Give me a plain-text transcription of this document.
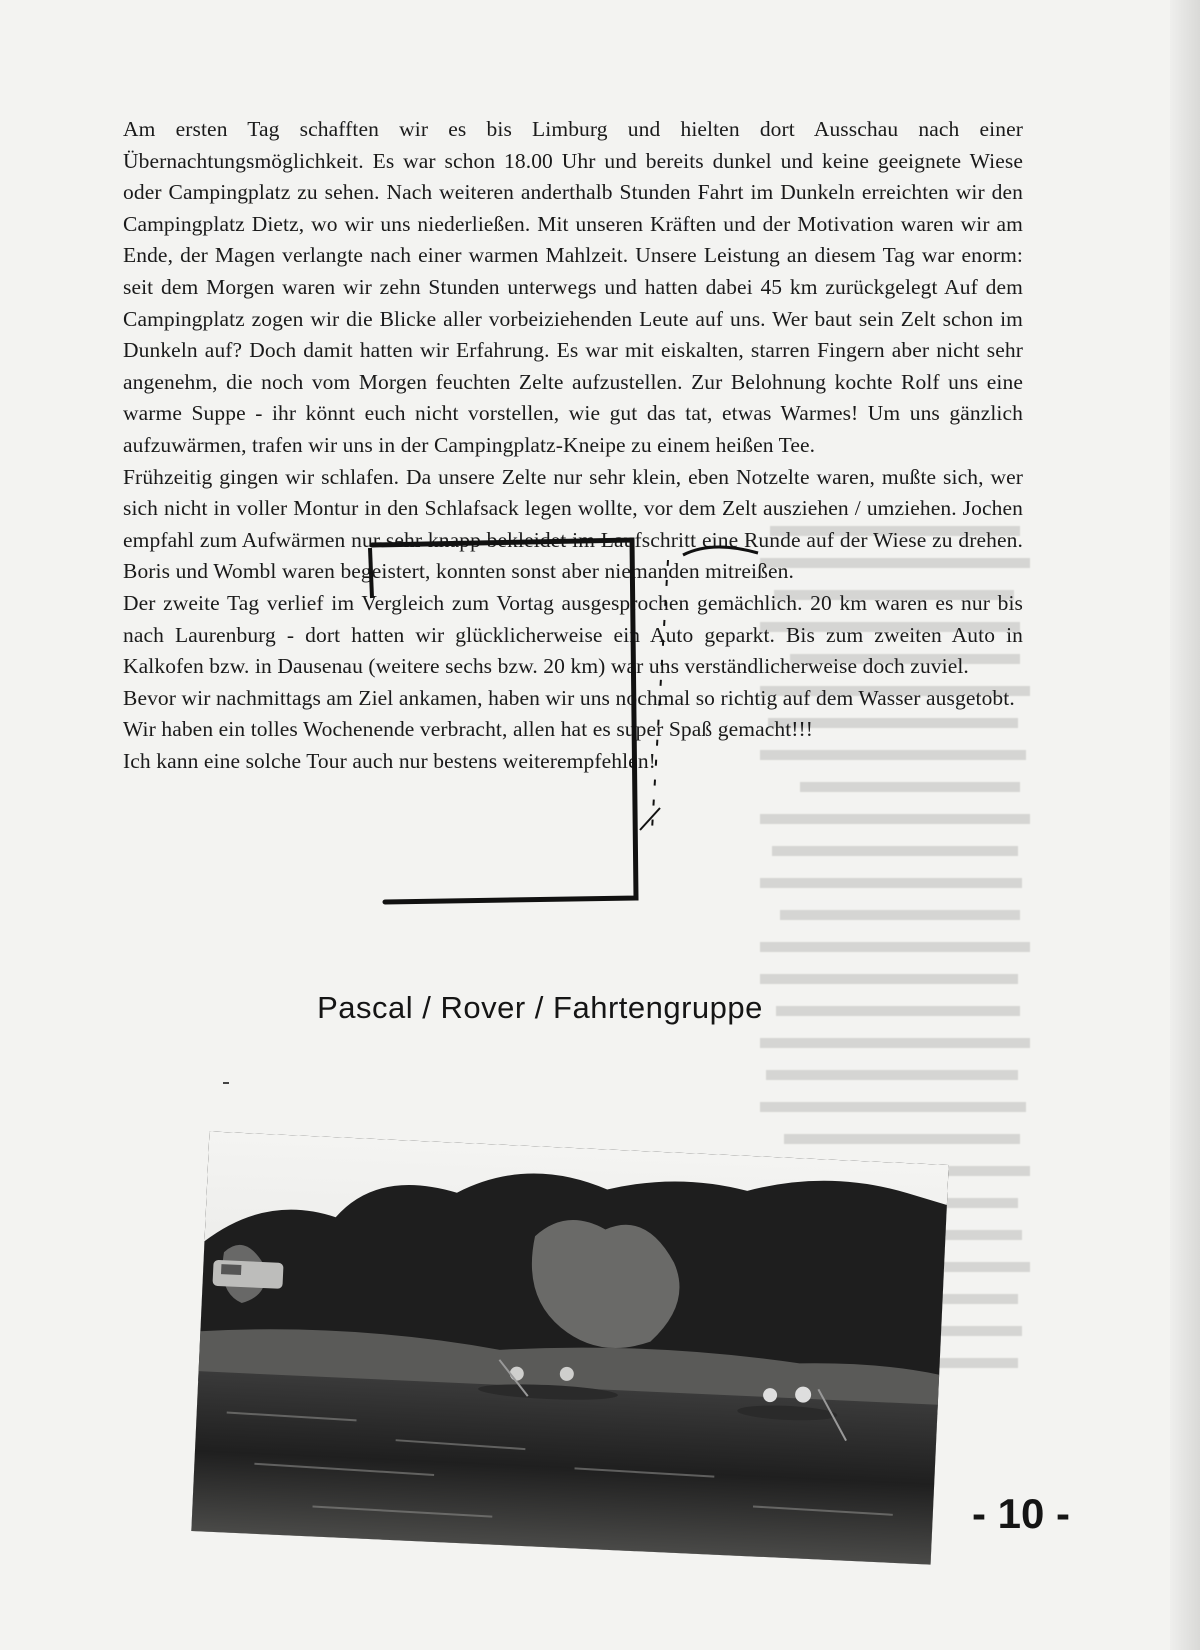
Am ersten Tag schafften wir es bis Limburg und hielten dort Ausschau nach einer Übernachtungsmöglichkeit. Es war schon 18.00 Uhr und bereits dunkel und keine geeignete Wiese oder Campingplatz zu sehen. Nach weiteren anderthalb Stunden Fahrt im Dunkeln erreichten wir den Campingplatz Dietz, wo wir uns niederließen. Mit unseren Kräften und der Motivation waren wir am Ende, der Magen verlangte nach einer warmen Mahlzeit. Unsere Leistung an diesem Tag war enorm: seit dem Morgen waren wir zehn Stunden unterwegs und hatten dabei 45 km zurückgelegt Auf dem Campingplatz zogen wir die Blicke aller vorbeiziehenden Leute auf uns. Wer baut sein Zelt schon im Dunkeln auf? Doch damit hatten wir Erfahrung. Es war mit eiskalten, starren Fingern aber nicht sehr angenehm, die noch vom Morgen feuchten Zelte aufzustellen. Zur Belohnung kochte Rolf uns eine warme Suppe - ihr könnt euch nicht vorstellen, wie gut das tat, etwas Warmes! Um uns gänzlich aufzuwärmen, trafen wir uns in der Campingplatz-Kneipe zu einem heißen Tee.

Frühzeitig gingen wir schlafen. Da unsere Zelte nur sehr klein, eben Notzelte waren, mußte sich, wer sich nicht in voller Montur in den Schlafsack legen wollte, vor dem Zelt ausziehen / umziehen. Jochen empfahl zum Aufwärmen nur sehr knapp bekleidet im Laufschritt eine Runde auf der Wiese zu drehen. Boris und Wombl waren begeistert, konnten sonst aber niemanden mitreißen.

Der zweite Tag verlief im Vergleich zum Vortag ausgesprochen gemächlich. 20 km waren es nur bis nach Laurenburg - dort hatten wir glücklicherweise ein Auto geparkt. Bis zum zweiten Auto in Kalkofen bzw. in Dausenau (weitere sechs bzw. 20 km) war uns verständlicherweise doch zuviel.

Bevor wir nachmittags am Ziel ankamen, haben wir uns nochmal so richtig auf dem Wasser ausgetobt.

Wir haben ein tolles Wochenende verbracht, allen hat es super Spaß gemacht!!!

Ich kann eine solche Tour auch nur bestens weiterempfehlen!

Pascal / Rover / Fahrtengruppe
- 10 -
